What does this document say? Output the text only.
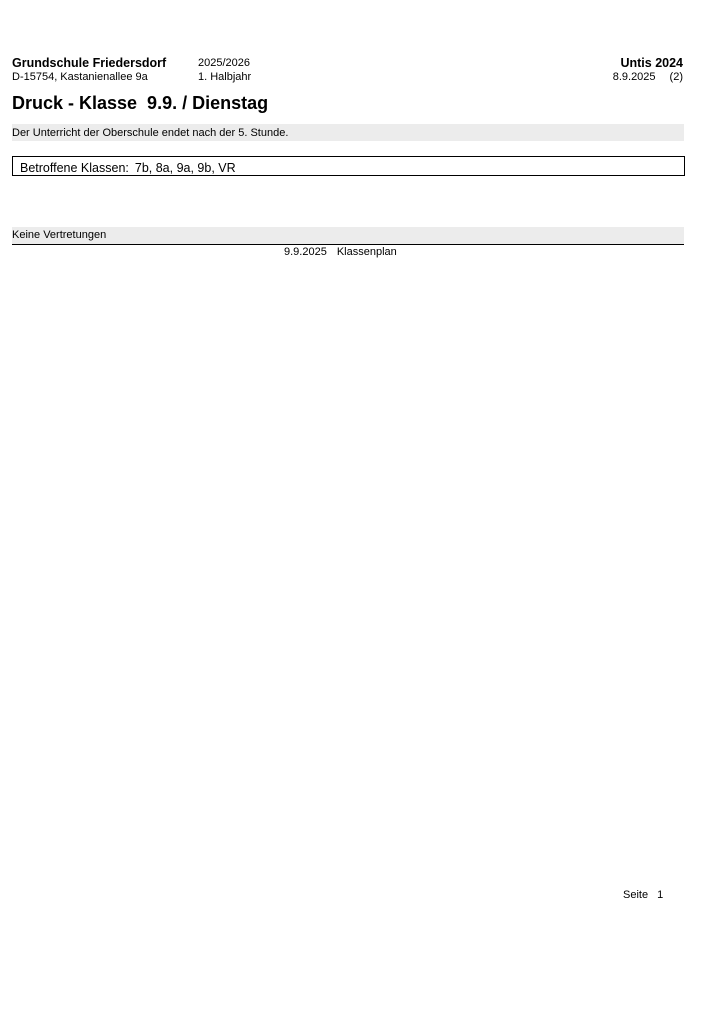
Grundschule Friedersdorf
D-15754, Kastanienallee 9a
2025/2026
1. Halbjahr
Untis 2024
8.9.2025 (2)
Druck - Klasse  9.9. / Dienstag
Der Unterricht der Oberschule endet nach der 5. Stunde.
Betroffene Klassen: 7b, 8a, 9a, 9b, VR
Keine Vertretungen
9.9.2025 Klassenplan
Seite 1
